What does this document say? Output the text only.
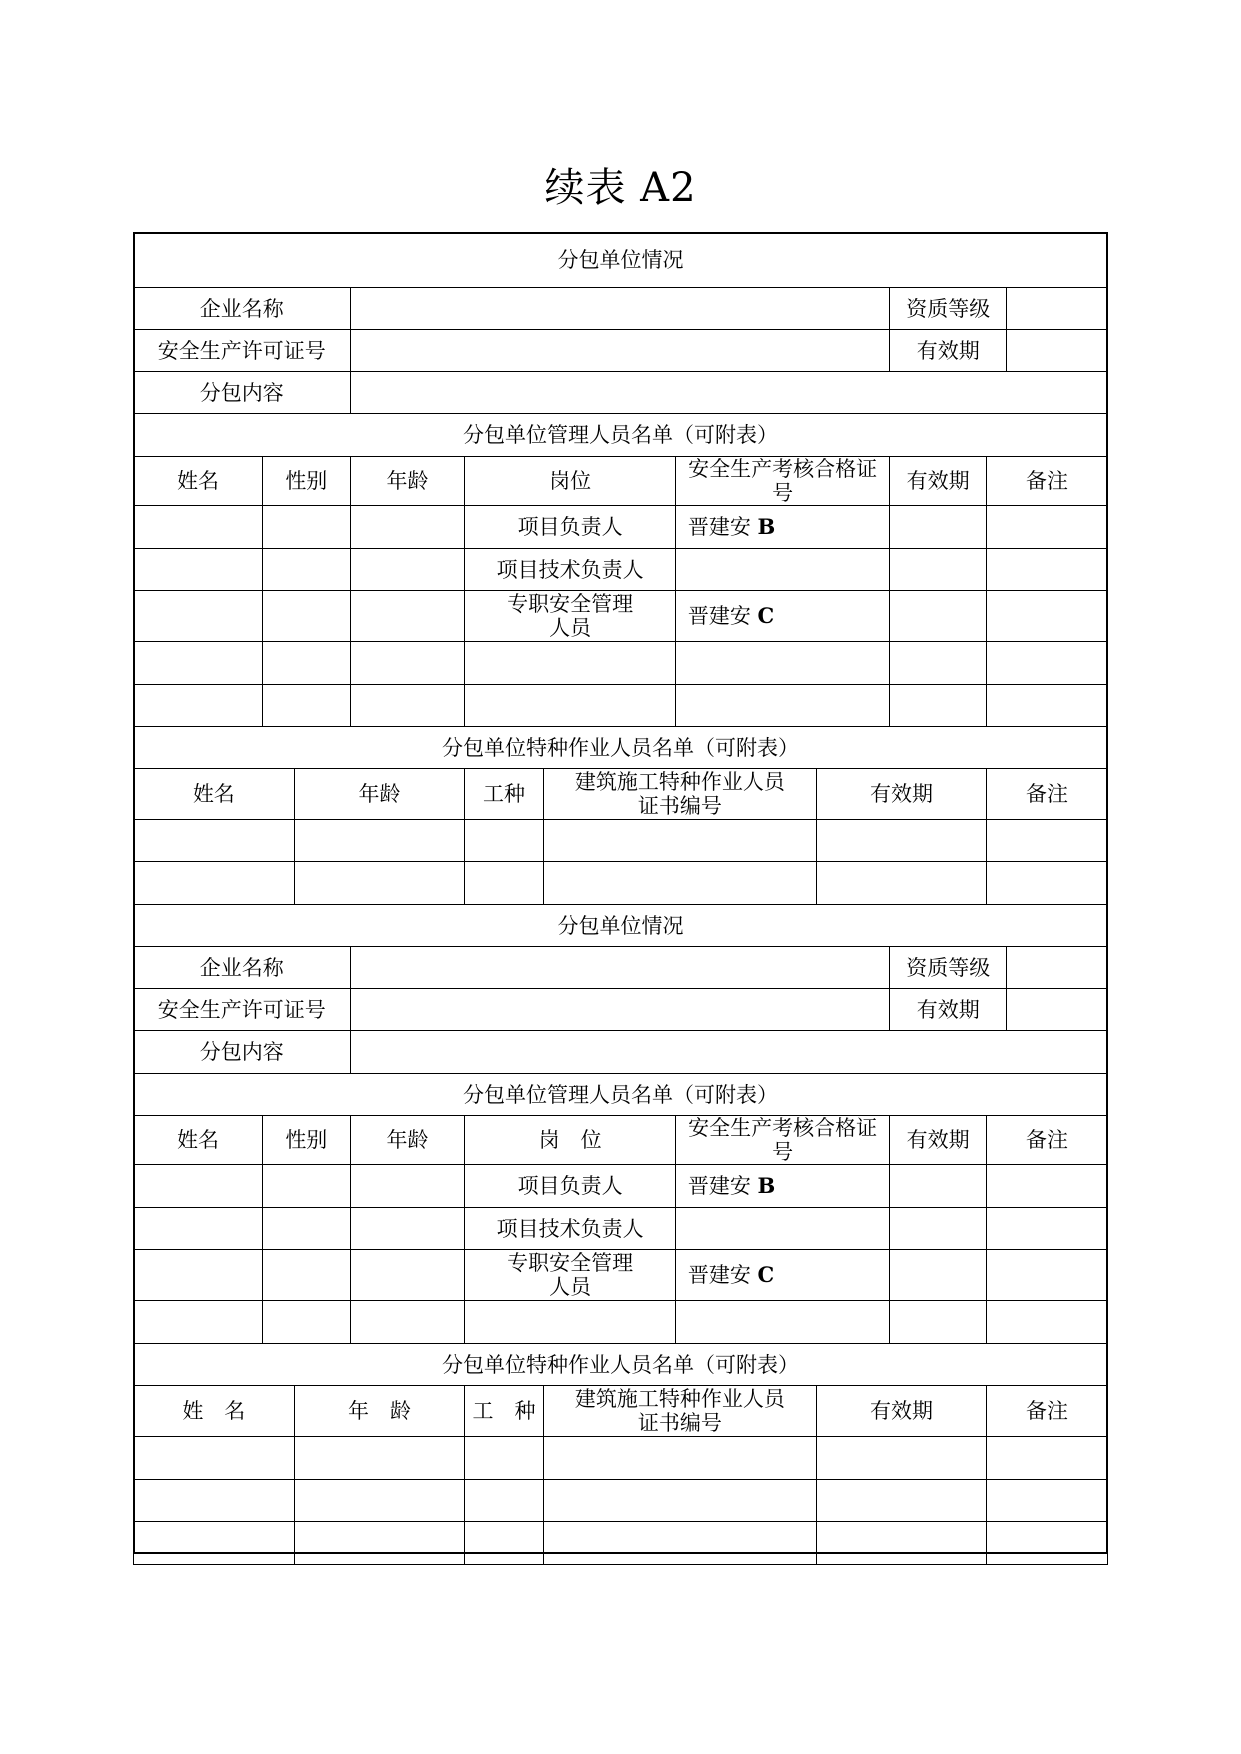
续表 A2
分包单位情况										
企业名称								资质等级		
安全生产许可证号								有效期		
分包内容										
分包单位管理人员名单（可附表）										
姓名	性别		年龄	岗位		安全生产考核合格证号		有效期	备注	
				项目负责人		晋建安 B				
				项目技术负责人						
				专职安全管理
人员		晋建安 C				

分包单位特种作业人员名单（可附表）										
姓名		年龄		工种	建筑施工特种作业人员
证书编号		有效期		备注	

分包单位情况										
企业名称								资质等级		
安全生产许可证号								有效期		
分包内容										
分包单位管理人员名单（可附表）										
姓名	性别		年龄	岗　位		安全生产考核合格证号		有效期	备注	
				项目负责人		晋建安 B				
				项目技术负责人						
				专职安全管理
人员		晋建安 C				

分包单位特种作业人员名单（可附表）										
姓　名		年　龄		工　种	建筑施工特种作业人员
证书编号		有效期		备注	
